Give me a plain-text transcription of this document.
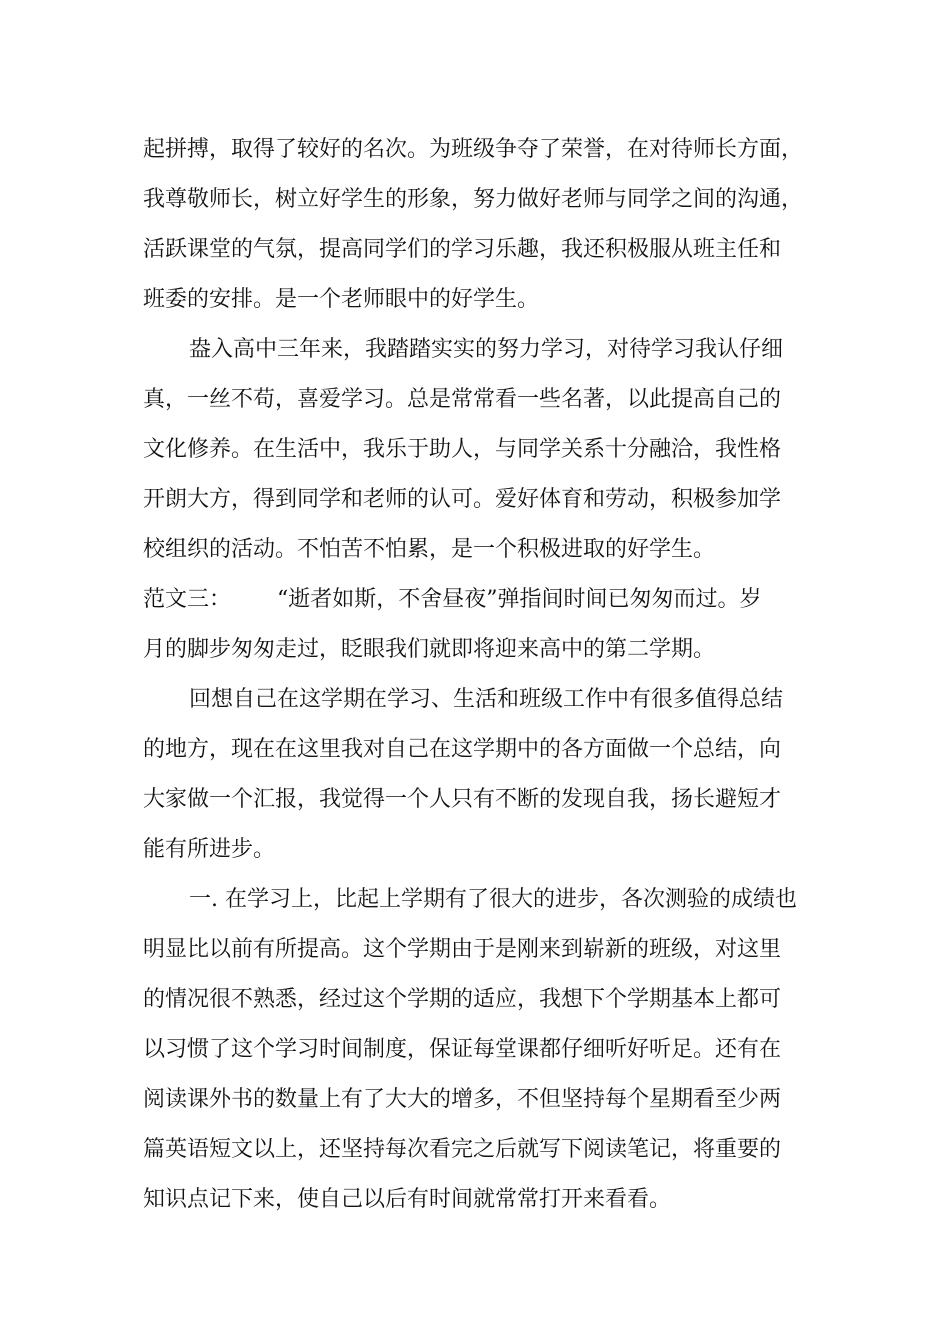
起拼搏，取得了较好的名次。为班级争夺了荣誉，在对待师长方面，
我尊敬师长，树立好学生的形象，努力做好老师与同学之间的沟通，
活跃课堂的气氛，提高同学们的学习乐趣，我还积极服从班主任和
班委的安排。是一个老师眼中的好学生。
盎入高中三年来，我踏踏实实的努力学习，对待学习我认仔细
真，一丝不苟，喜爱学习。总是常常看一些名著，以此提高自己的
文化修养。在生活中，我乐于助人，与同学关系十分融洽，我性格
开朗大方，得到同学和老师的认可。爱好体育和劳动，积极参加学
校组织的活动。不怕苦不怕累，是一个积极进取的好学生。
范文三： “逝者如斯，不舍昼夜”弹指间时间已匆匆而过。岁
月的脚步匆匆走过，眨眼我们就即将迎来高中的第二学期。
回想自己在这学期在学习、生活和班级工作中有很多值得总结
的地方，现在在这里我对自己在这学期中的各方面做一个总结，向
大家做一个汇报，我觉得一个人只有不断的发现自我，扬长避短才
能有所进步。
一. 在学习上，比起上学期有了很大的进步，各次测验的成绩也
明显比以前有所提高。这个学期由于是刚来到崭新的班级，对这里
的情况很不熟悉，经过这个学期的适应，我想下个学期基本上都可
以习惯了这个学习时间制度，保证每堂课都仔细听好听足。还有在
阅读课外书的数量上有了大大的增多，不但坚持每个星期看至少两
篇英语短文以上，还坚持每次看完之后就写下阅读笔记，将重要的
知识点记下来，使自己以后有时间就常常打开来看看。
